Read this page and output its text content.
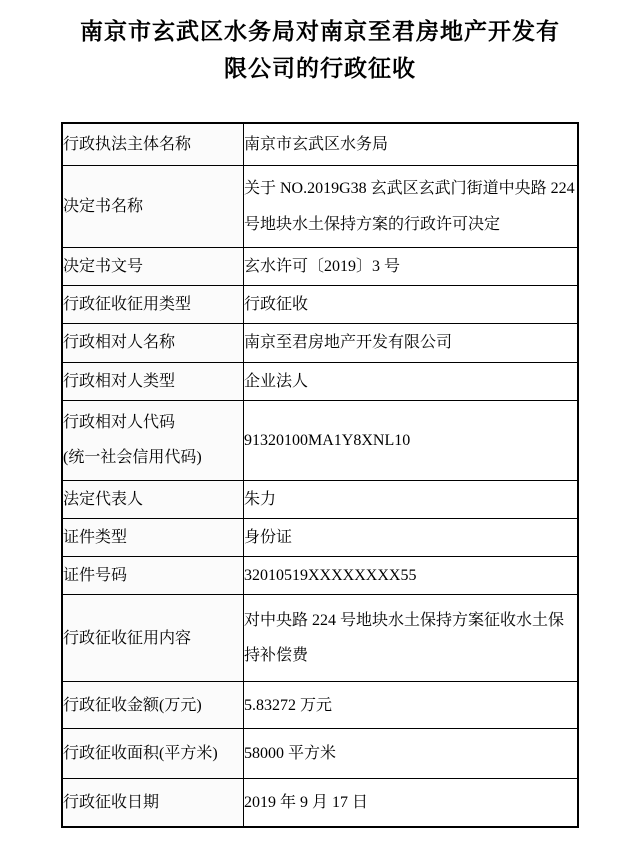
南京市玄武区水务局对南京至君房地产开发有限公司的行政征收
行政执法主体名称	南京市玄武区水务局

决定书名称	关于 NO.2019G38 玄武区玄武门街道中央路 224 号地块水土保持方案的行政许可决定

决定书文号	玄水许可〔2019〕3 号

行政征收征用类型	行政征收

行政相对人名称	南京至君房地产开发有限公司

行政相对人类型	企业法人

行政相对人代码
(统一社会信用代码)	91320100MA1Y8XNL10

法定代表人	朱力

证件类型	身份证

证件号码	32010519XXXXXXXX55

行政征收征用内容	对中央路 224 号地块水土保持方案征收水土保持补偿费

行政征收金额(万元)	5.83272 万元

行政征收面积(平方米)	58000 平方米

行政征收日期	2019 年 9 月 17 日
